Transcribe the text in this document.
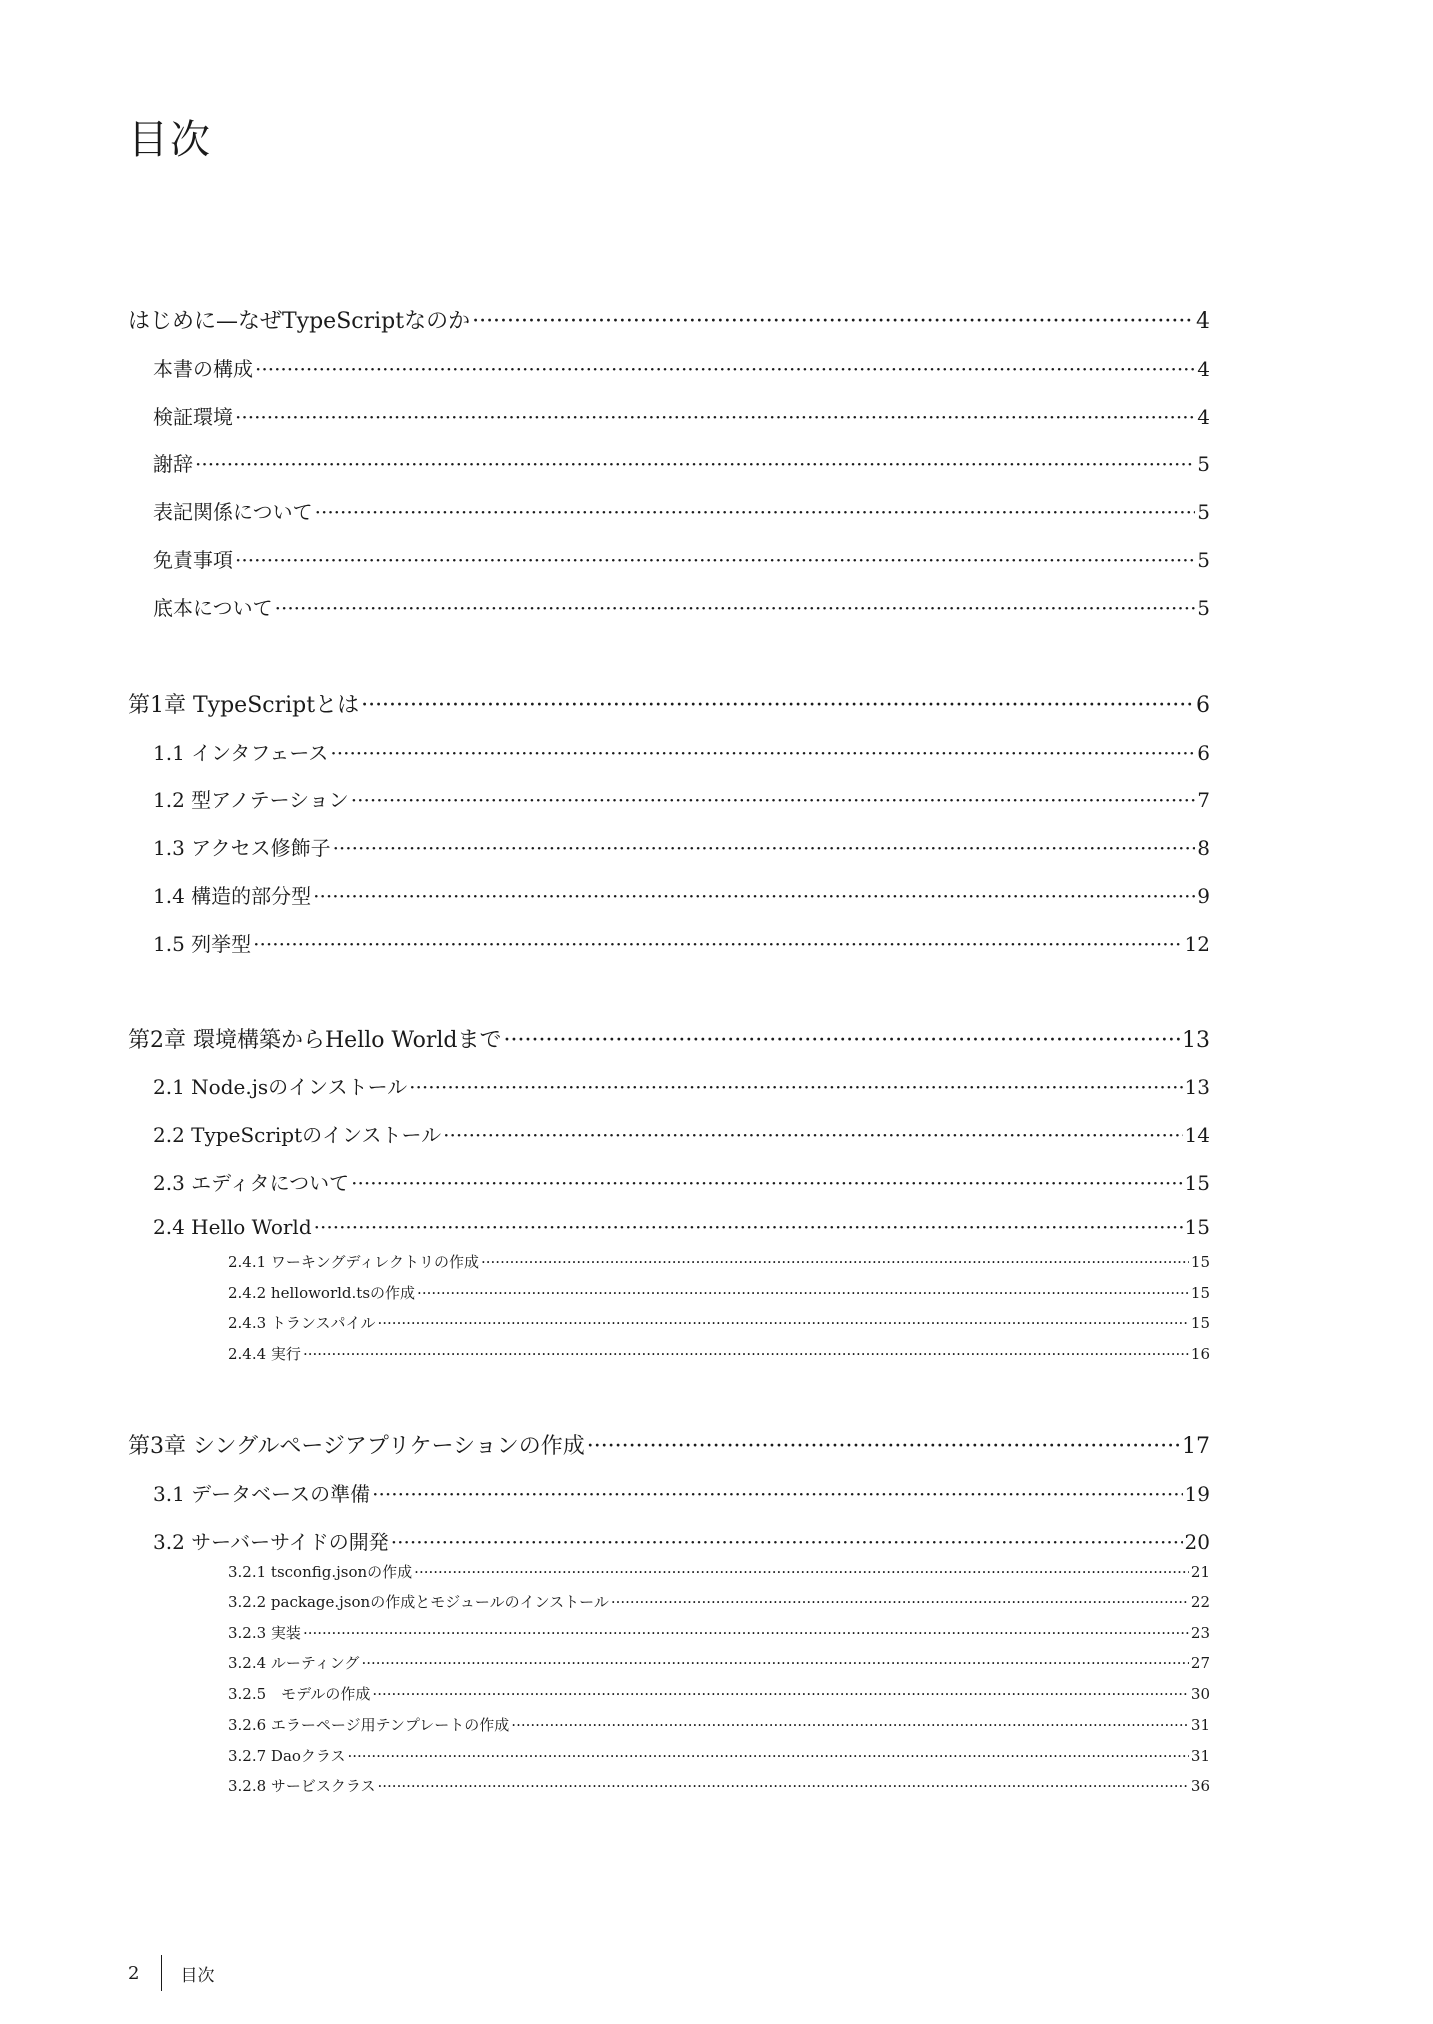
目次
はじめに—なぜTypeScriptなのか ·····	4
本書の構成 ·····	4
検証環境 ·····	4
謝辞 ·····	5
表記関係について ·····	5
免責事項 ·····	5
底本について ·····	5
第1章 TypeScriptとは ·····	6
1.1 インタフェース ·····	6
1.2 型アノテーション ·····	7
1.3 アクセス修飾子 ·····	8
1.4 構造的部分型 ·····	9
1.5 列挙型 ·····	12
第2章 環境構築からHello Worldまで ·····	13
2.1 Node.jsのインストール ·····	13
2.2 TypeScriptのインストール ·····	14
2.3 エディタについて ·····	15
2.4 Hello World ·····	15
2.4.1 ワーキングディレクトリの作成 ·····	15
2.4.2 helloworld.tsの作成 ·····	15
2.4.3 トランスパイル ·····	15
2.4.4 実行 ·····	16
第3章 シングルページアプリケーションの作成 ·····	17
3.1 データベースの準備 ·····	19
3.2 サーバーサイドの開発 ·····	20
3.2.1 tsconfig.jsonの作成 ·····	21
3.2.2 package.jsonの作成とモジュールのインストール ·····	22
3.2.3 実装 ·····	23
3.2.4 ルーティング ·····	27
3.2.5　モデルの作成 ·····	30
3.2.6 エラーページ用テンプレートの作成 ·····	31
3.2.7 Daoクラス ·····	31
3.2.8 サービスクラス ·····	36
2 目次
